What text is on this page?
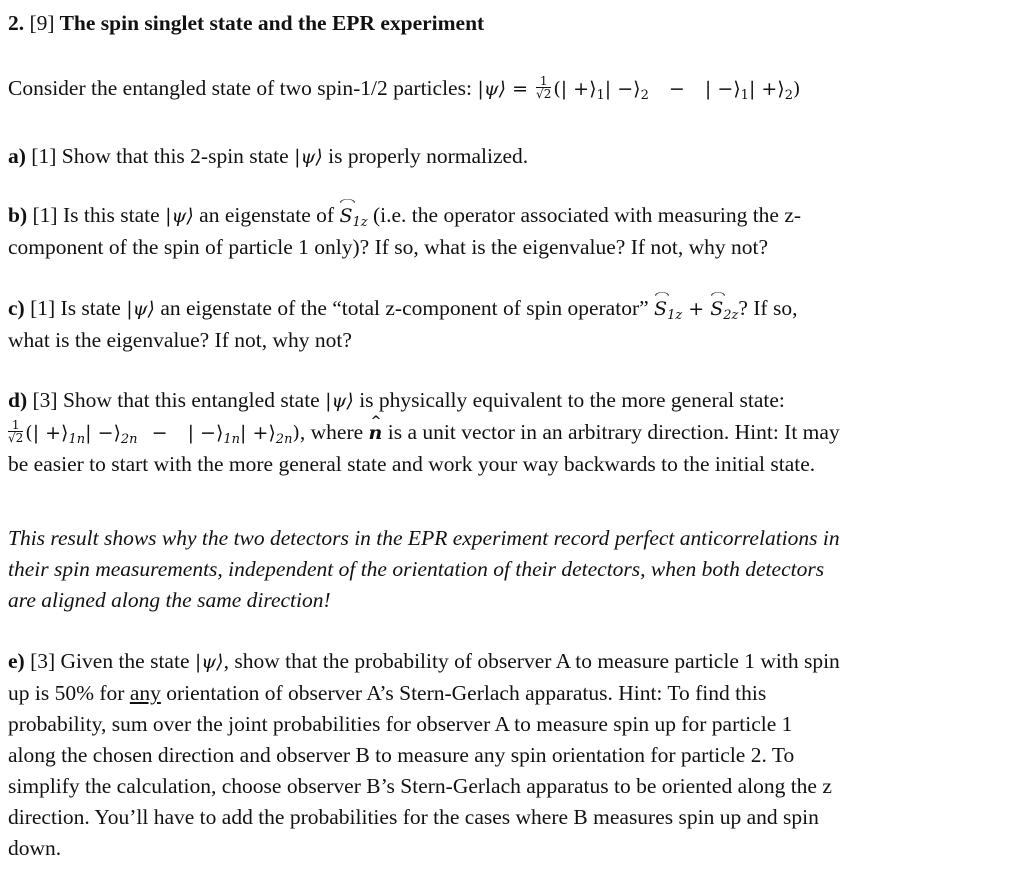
2. [9] The spin singlet state and the EPR experiment
Consider the entangled state of two spin-1/2 particles: |ψ⟩ = $\frac{1}{√2}$ (| $+⟩_1|$ $-⟩_2$ − | $-⟩_1|$ $+⟩_2$)
a) [1] Show that this 2-spin state |ψ⟩ is properly normalized.
b) [1] Is this state |ψ⟩ an eigenstate of $S_{1z}$ (i.e. the operator associated with measuring the z-
component of the spin of particle 1 only)? If so, what is the eigenvalue? If not, why not?
c) [1] Is state |ψ⟩ an eigenstate of the “total z-component of spin operator” $S_{1z} + S_{2z}$? If so,
what is the eigenvalue? If not, why not?
d) [3] Show that this entangled state |ψ⟩ is physically equivalent to the more general state:

$\frac{1}{√2}$ (| $+⟩_{1n}|$ $-⟩_{2n}$ − | $-⟩_{1n}|$ $+⟩_{2n}$), where n ^ is a unit vector in an arbitrary direction. Hint: It may
be easier to start with the more general state and work your way backwards to the initial state.
This result shows why the two detectors in the EPR experiment record perfect anticorrelations in
their spin measurements, independent of the orientation of their detectors, when both detectors
are aligned along the same direction!
e) [3] Given the state |ψ⟩, show that the probability of observer A to measure particle 1 with spin
up is 50% for any orientation of observer A’s Stern-Gerlach apparatus. Hint: To find this
probability, sum over the joint probabilities for observer A to measure spin up for particle 1
along the chosen direction and observer B to measure any spin orientation for particle 2. To
simplify the calculation, choose observer B’s Stern-Gerlach apparatus to be oriented along the z
direction. You’ll have to add the probabilities for the cases where B measures spin up and spin
down.
